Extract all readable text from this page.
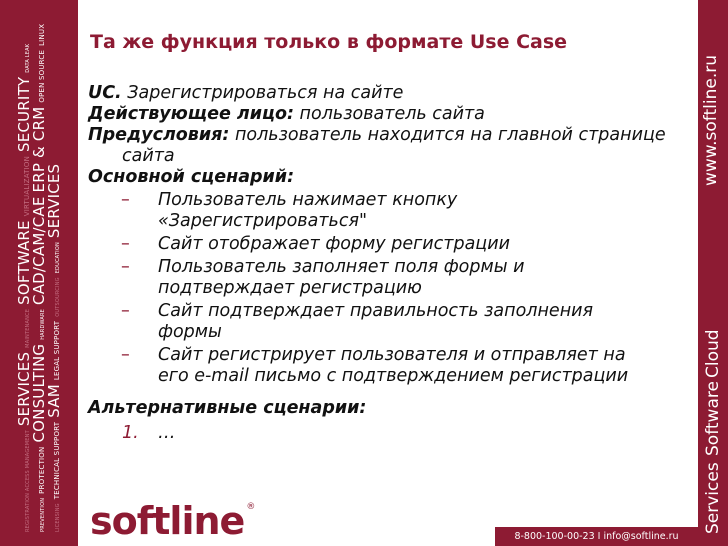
REGISTRATION ACCESS MANAGEMENT
SERVICES
MAINTENANCE
SOFTWARE
VIRTUALIZATION
SECURITY
DATA LEAK
PREVENTION
PROTECTION
CONSULTING
HARDWARE
CAD/CAM/CAE
ERP & CRM
OPEN SOURCE
LINUX
LICENSING
TECHNICAL SUPPORT
SAM
LEGAL SUPPORT
OUTSOURCING
EDUCATION
SERVICES
www.softline.ru
Cloud
Software
Services
Та же функция только в формате Use Case

UC. Зарегистрироваться на сайте

Действующее лицо: пользователь сайта

Предусловия: пользователь находится на главной странице

сайта

Основной сценарий:

– Пользователь нажимает кнопку
«Зарегистрироваться"
– Сайт отображает форму регистрации
– Пользователь заполняет поля формы и
подтверждает регистрацию
– Сайт подтверждает правильность заполнения
формы
– Сайт регистрирует пользователя и отправляет на
его e-mail письмо с подтверждением регистрации

Альтернативные сценарии:

1. …
softline ®
8-800-100-00-23 I info@softline.ru
